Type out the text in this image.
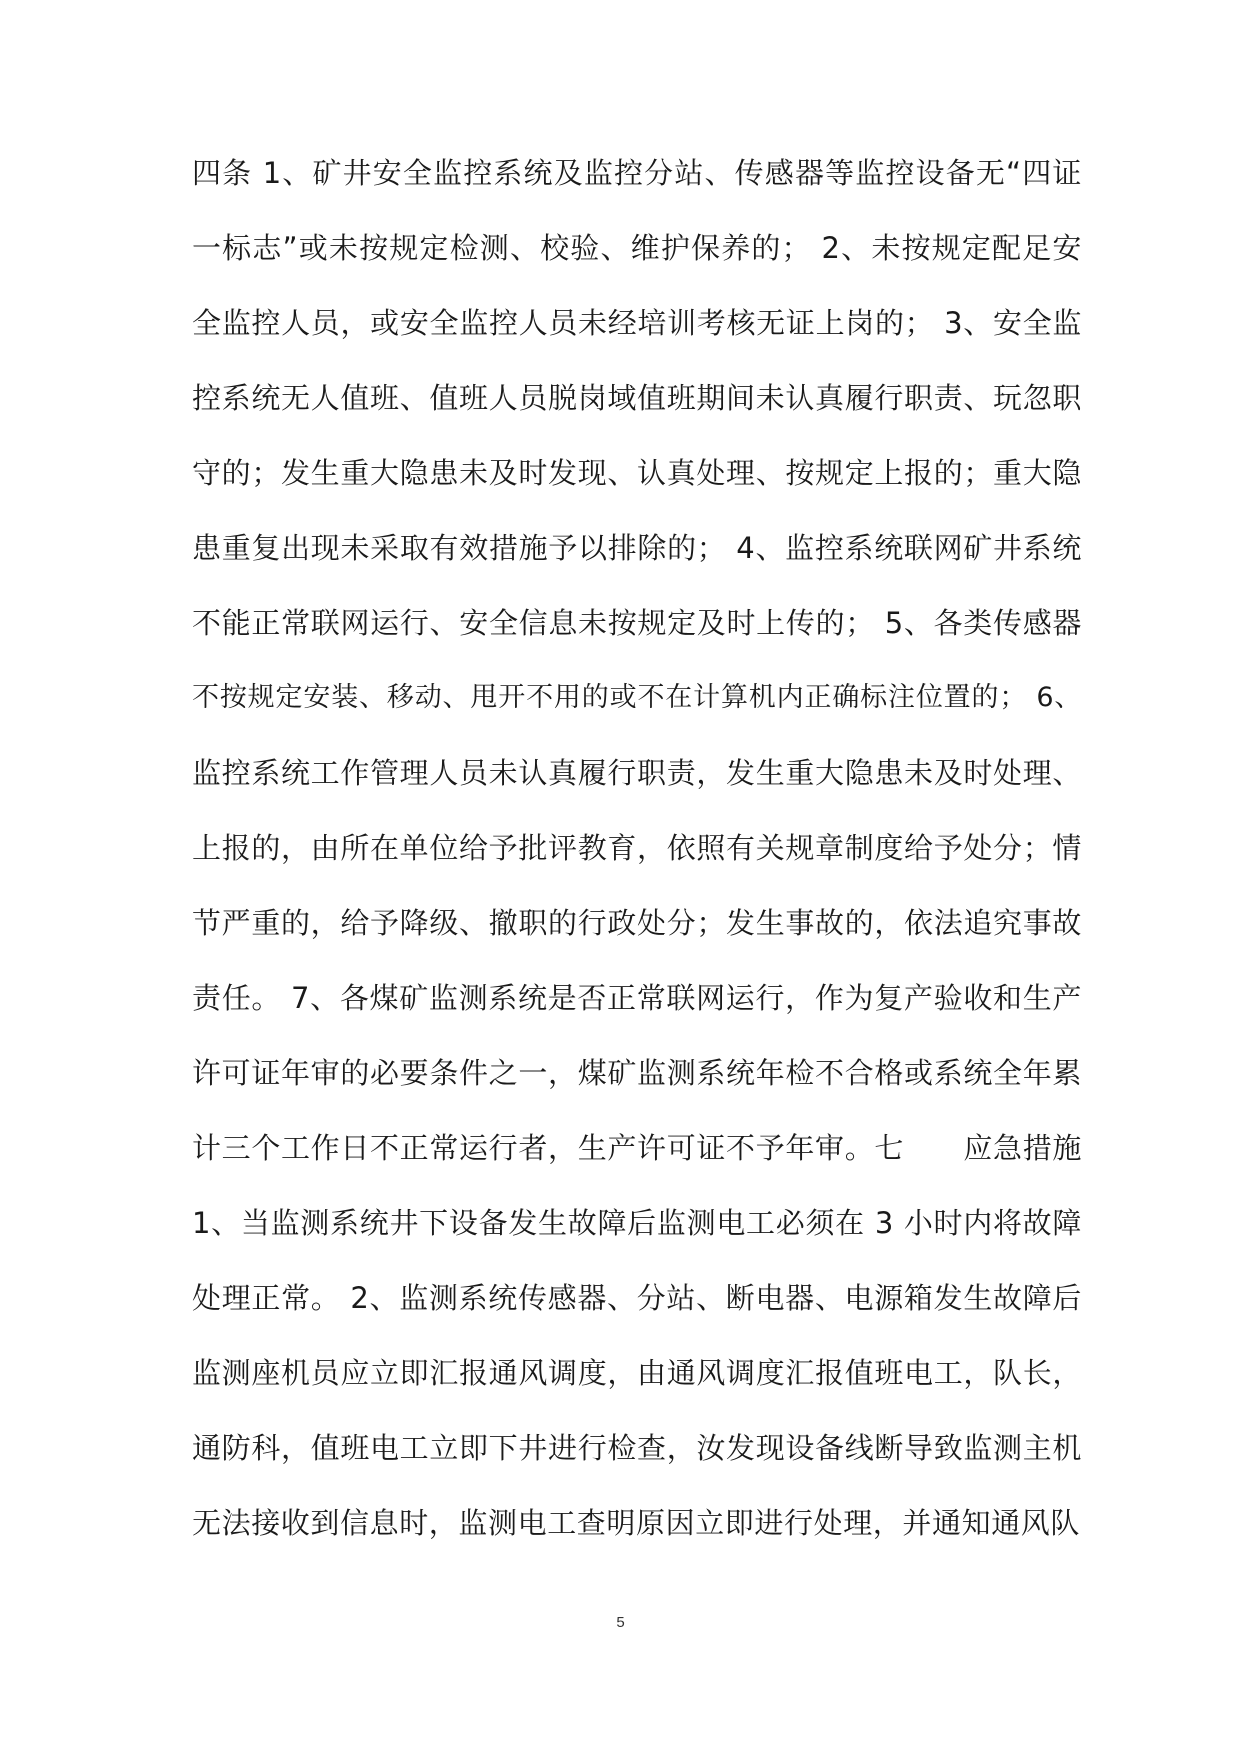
四条 1、矿井安全监控系统及监控分站、传感器等监控设备无“四证
一标志”或未按规定检测、校验、维护保养的； 2、未按规定配足安
全监控人员，或安全监控人员未经培训考核无证上岗的； 3、安全监
控系统无人值班、值班人员脱岗域值班期间未认真履行职责、玩忽职
守的；发生重大隐患未及时发现、认真处理、按规定上报的；重大隐
患重复出现未采取有效措施予以排除的； 4、监控系统联网矿井系统
不能正常联网运行、安全信息未按规定及时上传的； 5、各类传感器
不按规定安装、移动、甩开不用的或不在计算机内正确标注位置的； 6、
监控系统工作管理人员未认真履行职责，发生重大隐患未及时处理、
上报的，由所在单位给予批评教育，依照有关规章制度给予处分；情
节严重的，给予降级、撤职的行政处分；发生事故的，依法追究事故
责任。 7、各煤矿监测系统是否正常联网运行，作为复产验收和生产
许可证年审的必要条件之一，煤矿监测系统年检不合格或系统全年累
计三个工作日不正常运行者，生产许可证不予年审。七　　应急措施
1、当监测系统井下设备发生故障后监测电工必须在 3 小时内将故障
处理正常。 2、监测系统传感器、分站、断电器、电源箱发生故障后
监测座机员应立即汇报通风调度，由通风调度汇报值班电工，队长，
通防科，值班电工立即下井进行检查，汝发现设备线断导致监测主机
无法接收到信息时，监测电工查明原因立即进行处理，并通知通风队
5
